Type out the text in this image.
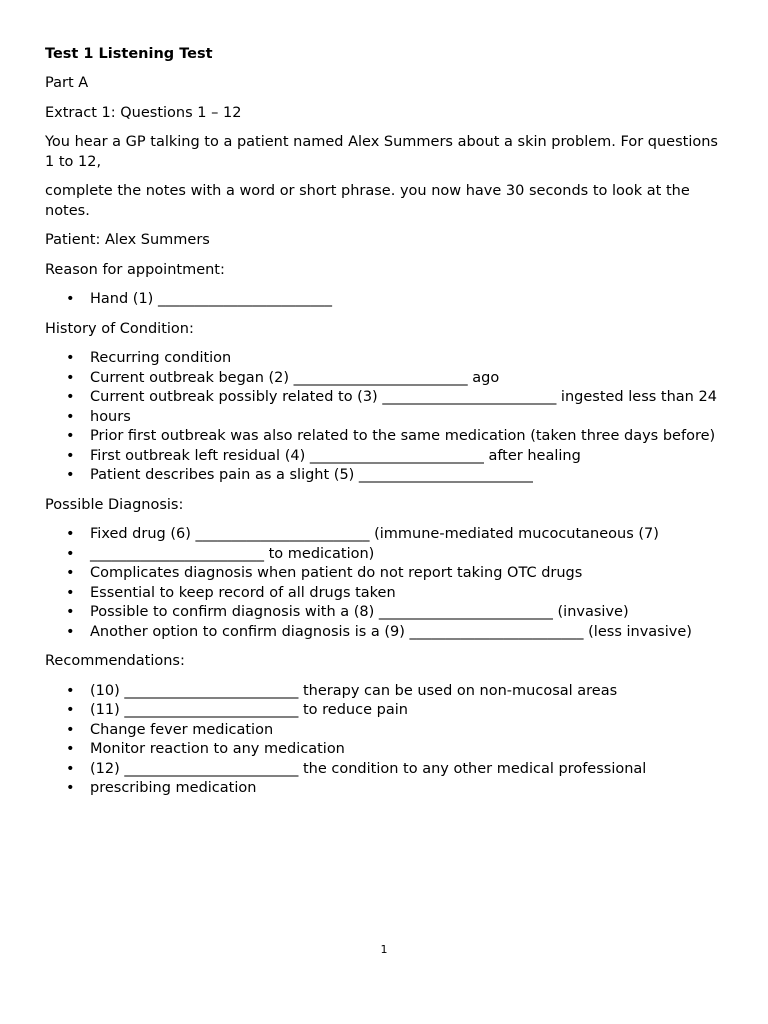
Test 1 Listening Test

Part A

Extract 1: Questions 1 – 12

You hear a GP talking to a patient named Alex Summers about a skin problem. For questions 1 to 12,

complete the notes with a word or short phrase. you now have 30 seconds to look at the notes.

Patient: Alex Summers

Reason for appointment:

• Hand (1) ________________________

History of Condition:

• Recurring condition
• Current outbreak began (2) ________________________ ago
• Current outbreak possibly related to (3) ________________________ ingested less than 24
• hours
• Prior first outbreak was also related to the same medication (taken three days before)
• First outbreak left residual (4) ________________________ after healing
• Patient describes pain as a slight (5) ________________________

Possible Diagnosis:

• Fixed drug (6) ________________________ (immune-mediated mucocutaneous (7)
• ________________________ to medication)
• Complicates diagnosis when patient do not report taking OTC drugs
• Essential to keep record of all drugs taken
• Possible to confirm diagnosis with a (8) ________________________ (invasive)
• Another option to confirm diagnosis is a (9) ________________________ (less invasive)

Recommendations:

• (10) ________________________ therapy can be used on non-mucosal areas
• (11) ________________________ to reduce pain
• Change fever medication
• Monitor reaction to any medication
• (12) ________________________ the condition to any other medical professional
• prescribing medication
1
